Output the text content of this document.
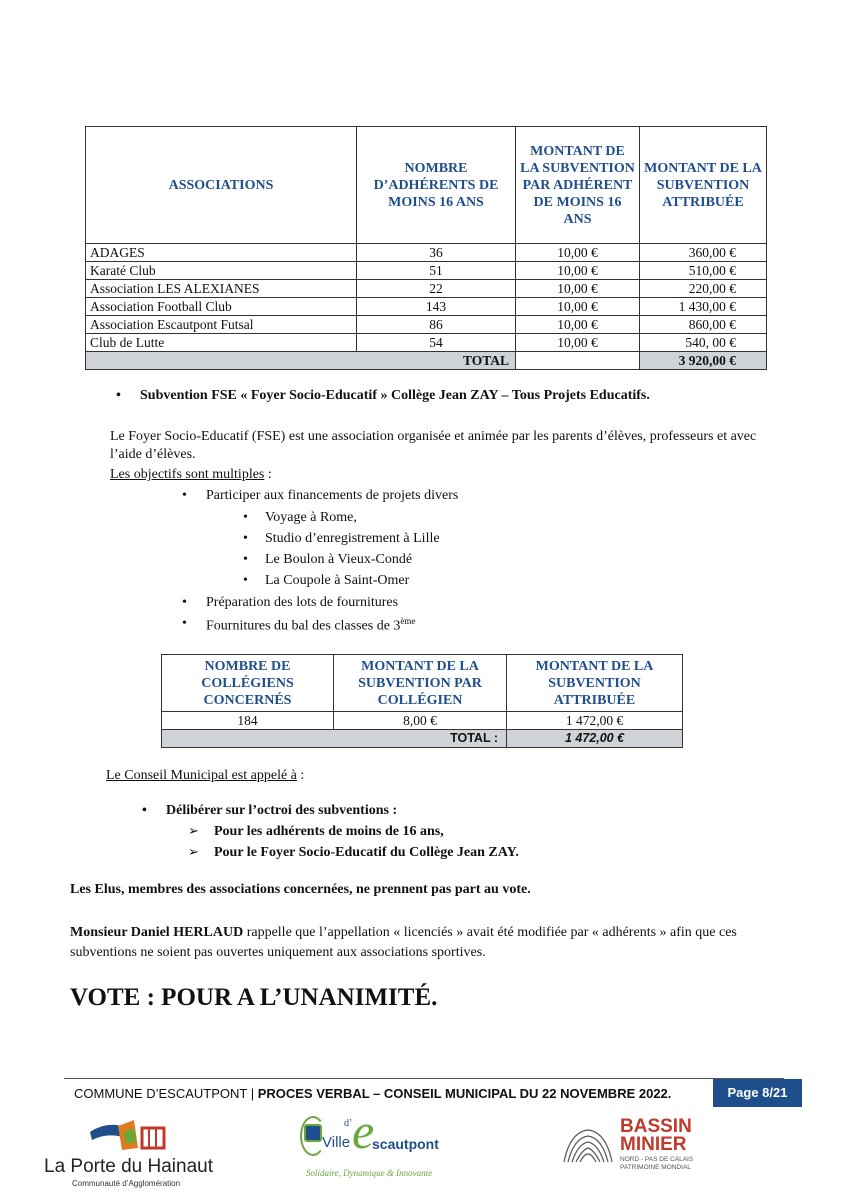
ASSOCIATIONS	NOMBRE D’ADHÉRENTS DE MOINS 16 ANS	MONTANT DE LA SUBVENTION PAR ADHÉRENT DE MOINS 16 ANS	MONTANT DE LA SUBVENTION ATTRIBUÉE
ADAGES	36	10,00 €	360,00 €
Karaté Club	51	10,00 €	510,00 €
Association LES ALEXIANES	22	10,00 €	220,00 €
Association Football Club	143	10,00 €	1 430,00 €
Association Escautpont Futsal	86	10,00 €	860,00 €
Club de Lutte	54	10,00 €	540, 00 €
TOTAL			3 920,00 €
• Subvention FSE « Foyer Socio-Educatif » Collège Jean ZAY – Tous Projets Educatifs.
Le Foyer Socio-Educatif (FSE) est une association organisée et animée par les parents d’élèves, professeurs et avec l’aide d’élèves.
Les objectifs sont multiples :
• Participer aux financements de projets divers
• Voyage à Rome,
• Studio d’enregistrement à Lille
• Le Boulon à Vieux-Condé
• La Coupole à Saint-Omer
• Préparation des lots de fournitures
• Fournitures du bal des classes de 3ème
NOMBRE DE COLLÉGIENS CONCERNÉS	MONTANT DE LA SUBVENTION PAR COLLÉGIEN	MONTANT DE LA SUBVENTION ATTRIBUÉE
184	8,00 €	1 472,00 €
TOTAL :		1 472,00 €
Le Conseil Municipal est appelé à :
• Délibérer sur l’octroi des subventions :
➢ Pour les adhérents de moins de 16 ans,
➢ Pour le Foyer Socio-Educatif du Collège Jean ZAY.
Les Elus, membres des associations concernées, ne prennent pas part au vote.
Monsieur Daniel HERLAUD rappelle que l’appellation « licenciés » avait été modifiée par « adhérents » afin que ces subventions ne soient pas ouvertes uniquement aux associations sportives.
VOTE : POUR A L’UNANIMITÉ.
COMMUNE D’ESCAUTPONT | PROCES VERBAL – CONSEIL MUNICIPAL DU 22 NOVEMBRE 2022.	Page 8/21
La Porte du Hainaut
Communauté d’Agglomération
Ville
d’ e
scautpont
Solidaire, Dynamique & Innovante
BASSIN
MINIER
NORD - PAS DE CALAIS
PATRIMOINE MONDIAL
